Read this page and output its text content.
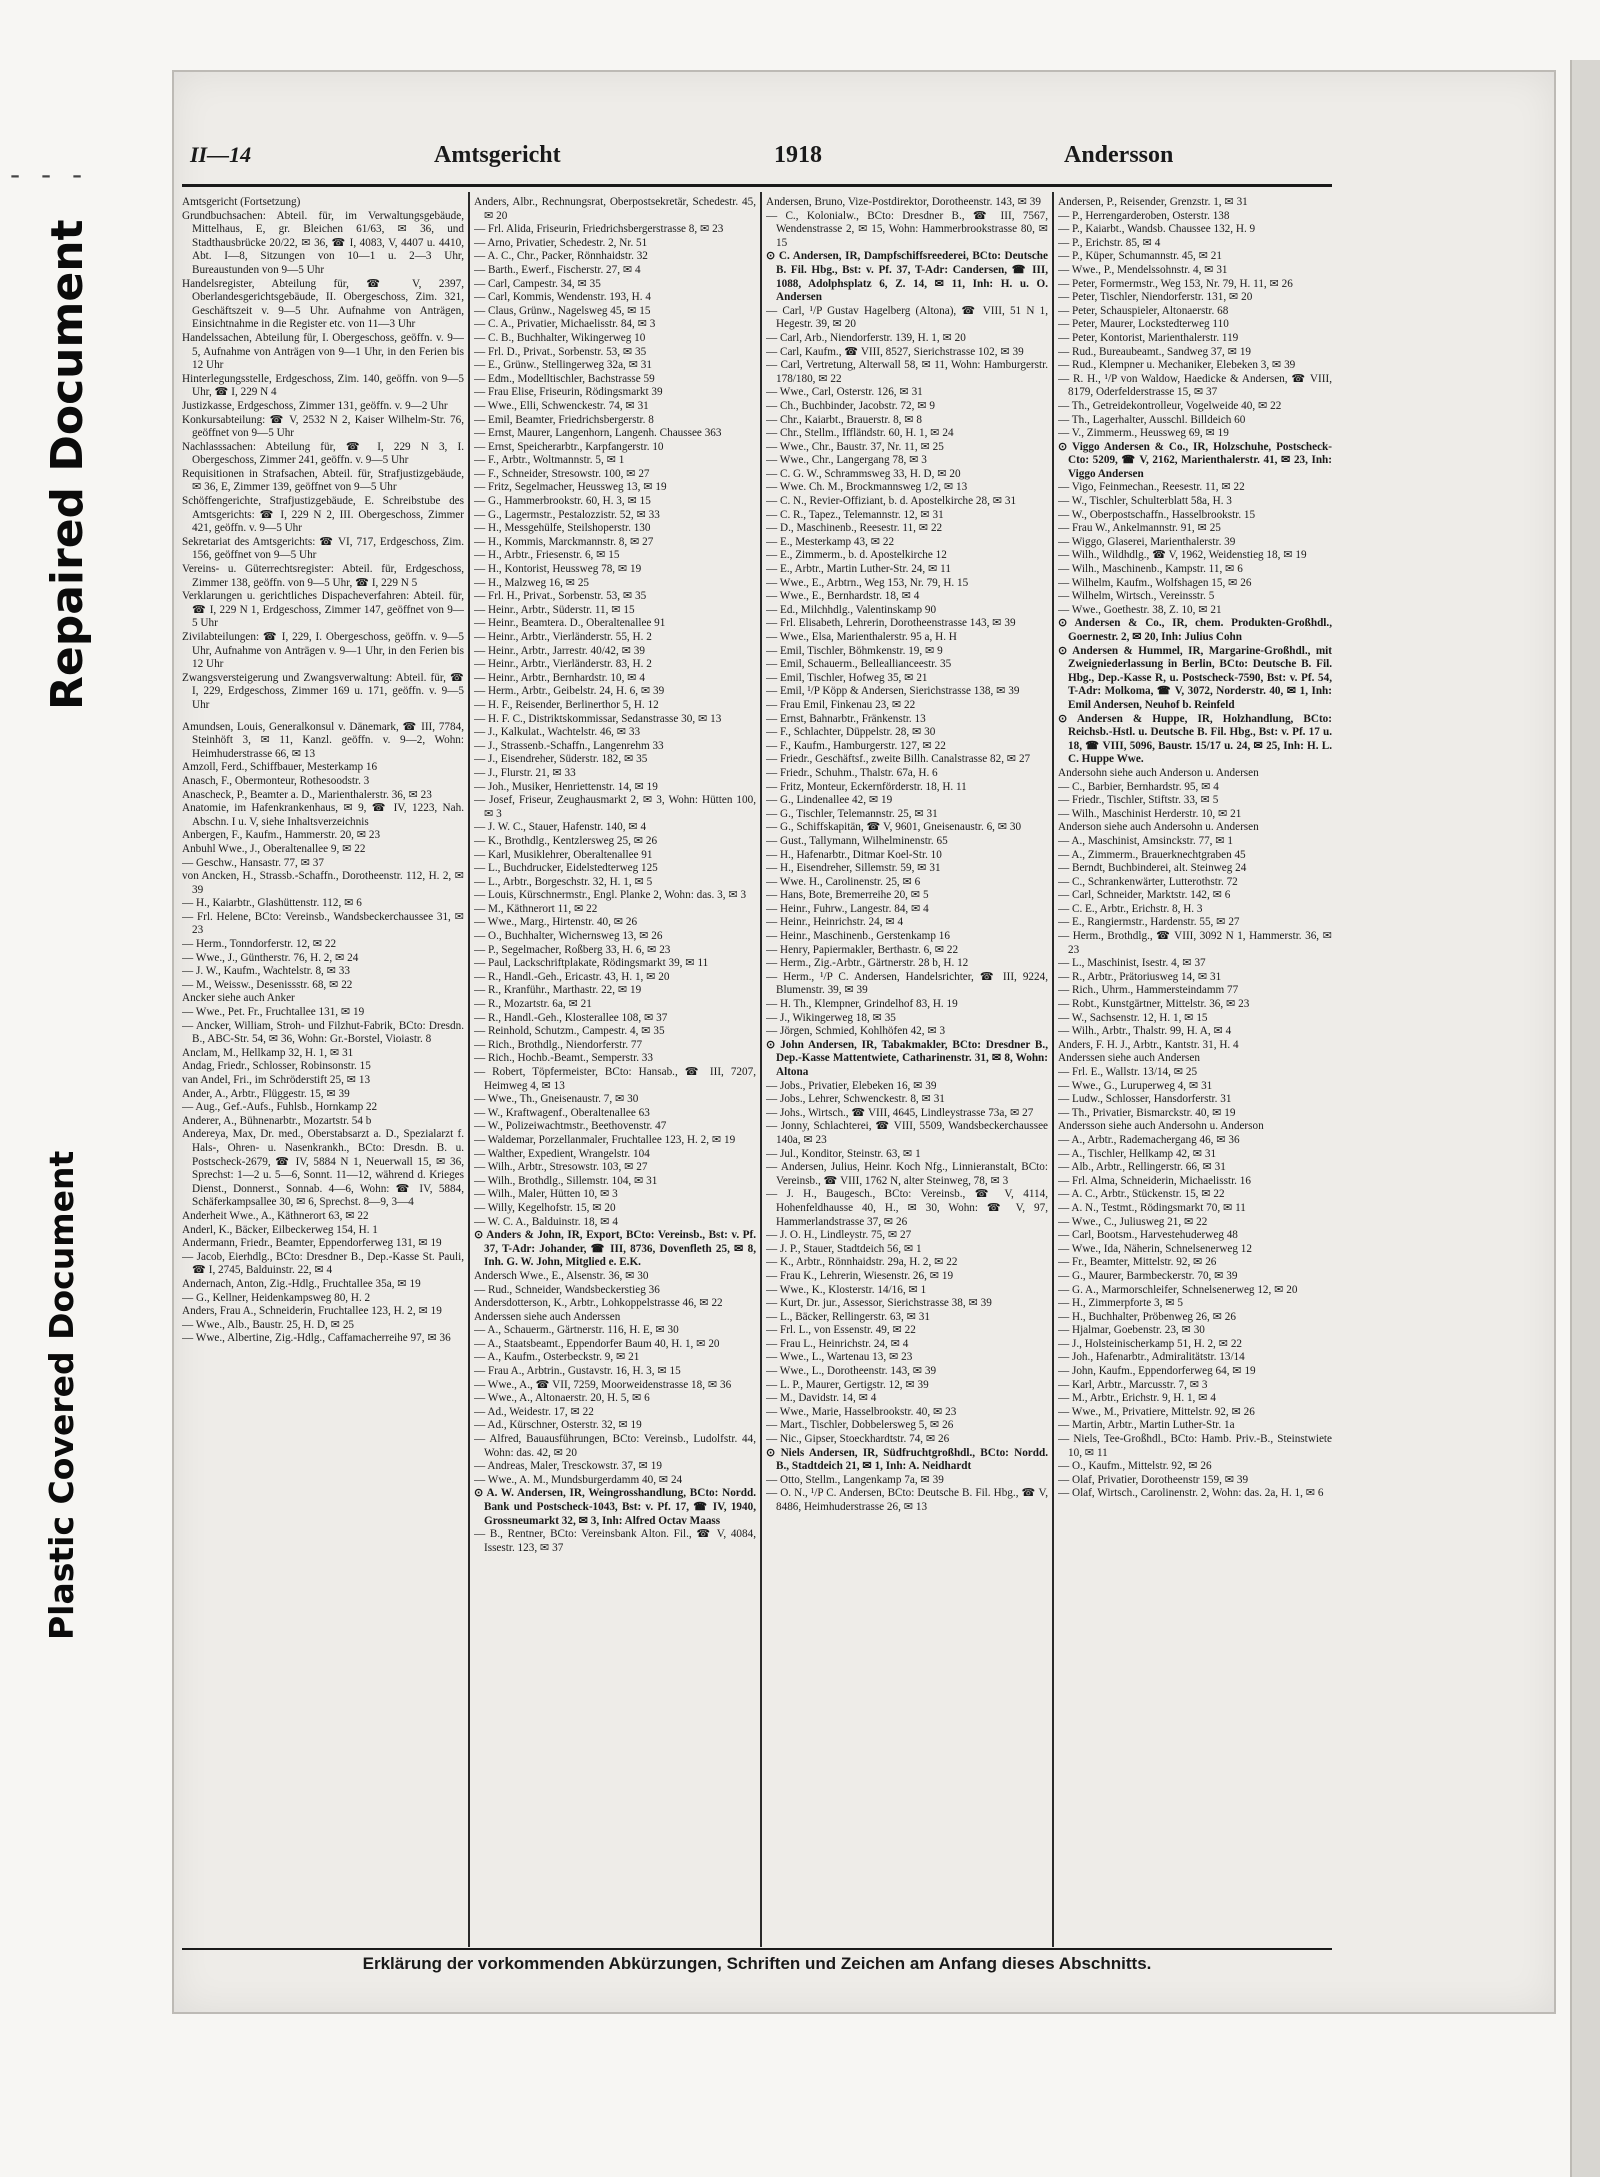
- - -
Repaired Document
Plastic Covered Document
II—14	Amtsgericht	1918	Andersson

Amtsgericht (Fortsetzung)

Grundbuchsachen: Abteil. für, im Verwaltungsgebäude, Mittelhaus, E, gr. Bleichen 61/63, ✉ 36, und Stadthausbrücke 20/22, ✉ 36, ☎ I, 4083, V, 4407 u. 4410, Abt. I—8, Sitzungen von 10—1 u. 2—3 Uhr, Bureaustunden von 9—5 Uhr

Handelsregister, Abteilung für, ☎ V, 2397, Oberlandesgerichtsgebäude, II. Obergeschoss, Zim. 321, Geschäftszeit v. 9—5 Uhr. Aufnahme von Anträgen, Einsichtnahme in die Register etc. von 11—3 Uhr

Handelssachen, Abteilung für, I. Obergeschoss, geöffn. v. 9—5, Aufnahme von Anträgen von 9—1 Uhr, in den Ferien bis 12 Uhr

Hinterlegungsstelle, Erdgeschoss, Zim. 140, geöffn. von 9—5 Uhr, ☎ I, 229 N 4

Justizkasse, Erdgeschoss, Zimmer 131, geöffn. v. 9—2 Uhr

Konkursabteilung: ☎ V, 2532 N 2, Kaiser Wilhelm-Str. 76, geöffnet von 9—5 Uhr

Nachlasssachen: Abteilung für, ☎ I, 229 N 3, I. Obergeschoss, Zimmer 241, geöffn. v. 9—5 Uhr

Requisitionen in Strafsachen, Abteil. für, Strafjustizgebäude, ✉ 36, E, Zimmer 139, geöffnet von 9—5 Uhr

Schöffengerichte, Strafjustizgebäude, E. Schreibstube des Amtsgerichts: ☎ I, 229 N 2, III. Obergeschoss, Zimmer 421, geöffn. v. 9—5 Uhr

Sekretariat des Amtsgerichts: ☎ VI, 717, Erdgeschoss, Zim. 156, geöffnet von 9—5 Uhr

Vereins- u. Güterrechtsregister: Abteil. für, Erdgeschoss, Zimmer 138, geöffn. von 9—5 Uhr, ☎ I, 229 N 5

Verklarungen u. gerichtliches Dispacheverfahren: Abteil. für, ☎ I, 229 N 1, Erdgeschoss, Zimmer 147, geöffnet von 9—5 Uhr

Zivilabteilungen: ☎ I, 229, I. Obergeschoss, geöffn. v. 9—5 Uhr, Aufnahme von Anträgen v. 9—1 Uhr, in den Ferien bis 12 Uhr

Zwangsversteigerung und Zwangsverwaltung: Abteil. für, ☎ I, 229, Erdgeschoss, Zimmer 169 u. 171, geöffn. v. 9—5 Uhr

Amundsen, Louis, Generalkonsul v. Dänemark, ☎ III, 7784, Steinhöft 3, ✉ 11, Kanzl. geöffn. v. 9—2, Wohn: Heimhuderstrasse 66, ✉ 13

Amzoll, Ferd., Schiffbauer, Mesterkamp 16

Anasch, F., Obermonteur, Rothesoodstr. 3

Anascheck, P., Beamter a. D., Marienthalerstr. 36, ✉ 23

Anatomie, im Hafenkrankenhaus, ✉ 9, ☎ IV, 1223, Nah. Abschn. I u. V, siehe Inhaltsverzeichnis

Anbergen, F., Kaufm., Hammerstr. 20, ✉ 23

Anbuhl Wwe., J., Oberaltenallee 9, ✉ 22

— Geschw., Hansastr. 77, ✉ 37

von Ancken, H., Strassb.-Schaffn., Dorotheenstr. 112, H. 2, ✉ 39

— H., Kaiarbtr., Glashüttenstr. 112, ✉ 6

— Frl. Helene, BCto: Vereinsb., Wandsbeckerchaussee 31, ✉ 23

— Herm., Tonndorferstr. 12, ✉ 22

— Wwe., J., Güntherstr. 76, H. 2, ✉ 24

— J. W., Kaufm., Wachtelstr. 8, ✉ 33

— M., Weissw., Desenissstr. 68, ✉ 22

Ancker siehe auch Anker

— Wwe., Pet. Fr., Fruchtallee 131, ✉ 19

— Ancker, William, Stroh- und Filzhut-Fabrik, BCto: Dresdn. B., ABC-Str. 54, ✉ 36, Wohn: Gr.-Borstel, Vioiastr. 8

Anclam, M., Hellkamp 32, H. 1, ✉ 31

Andag, Friedr., Schlosser, Robinsonstr. 15

van Andel, Fri., im Schröderstift 25, ✉ 13

Ander, A., Arbtr., Flüggestr. 15, ✉ 39

— Aug., Gef.-Aufs., Fuhlsb., Hornkamp 22

Anderer, A., Bühnenarbtr., Mozartstr. 54 b

Andereya, Max, Dr. med., Oberstabsarzt a. D., Spezialarzt f. Hals-, Ohren- u. Nasenkrankh., BCto: Dresdn. B. u. Postscheck-2679, ☎ IV, 5884 N 1, Neuerwall 15, ✉ 36, Sprechst: 1—2 u. 5—6, Sonnt. 11—12, während d. Krieges Dienst., Donnerst., Sonnab. 4—6, Wohn: ☎ IV, 5884, Schäferkampsallee 30, ✉ 6, Sprechst. 8—9, 3—4

Anderheit Wwe., A., Käthnerort 63, ✉ 22

Anderl, K., Bäcker, Eilbeckerweg 154, H. 1

Andermann, Friedr., Beamter, Eppendorferweg 131, ✉ 19

— Jacob, Eierhdlg., BCto: Dresdner B., Dep.-Kasse St. Pauli, ☎ I, 2745, Balduinstr. 22, ✉ 4

Andernach, Anton, Zig.-Hdlg., Fruchtallee 35a, ✉ 19

— G., Kellner, Heidenkampsweg 80, H. 2

Anders, Frau A., Schneiderin, Fruchtallee 123, H. 2, ✉ 19

— Wwe., Alb., Baustr. 25, H. D, ✉ 25

— Wwe., Albertine, Zig.-Hdlg., Caffamacherreihe 97, ✉ 36

Anders, Albr., Rechnungsrat, Oberpostsekretär, Schedestr. 45, ✉ 20

— Frl. Alida, Friseurin, Friedrichsbergerstrasse 8, ✉ 23

— Arno, Privatier, Schedestr. 2, Nr. 51

— A. C., Chr., Packer, Rönnhaidstr. 32

— Barth., Ewerf., Fischerstr. 27, ✉ 4

— Carl, Campestr. 34, ✉ 35

— Carl, Kommis, Wendenstr. 193, H. 4

— Claus, Grünw., Nagelsweg 45, ✉ 15

— C. A., Privatier, Michaelisstr. 84, ✉ 3

— C. B., Buchhalter, Wikingerweg 10

— Frl. D., Privat., Sorbenstr. 53, ✉ 35

— E., Grünw., Stellingerweg 32a, ✉ 31

— Edm., Modelltischler, Bachstrasse 59

— Frau Elise, Friseurin, Rödingsmarkt 39

— Wwe., Elli, Schwenckestr. 74, ✉ 31

— Emil, Beamter, Friedrichsbergerstr. 8

— Ernst, Maurer, Langenhorn, Langenh. Chaussee 363

— Ernst, Speicherarbtr., Karpfangerstr. 10

— F., Arbtr., Woltmannstr. 5, ✉ 1

— F., Schneider, Stresowstr. 100, ✉ 27

— Fritz, Segelmacher, Heussweg 13, ✉ 19

— G., Hammerbrookstr. 60, H. 3, ✉ 15

— G., Lagermstr., Pestalozzistr. 52, ✉ 33

— H., Messgehülfe, Steilshoperstr. 130

— H., Kommis, Marckmannstr. 8, ✉ 27

— H., Arbtr., Friesenstr. 6, ✉ 15

— H., Kontorist, Heussweg 78, ✉ 19

— H., Malzweg 16, ✉ 25

— Frl. H., Privat., Sorbenstr. 53, ✉ 35

— Heinr., Arbtr., Süderstr. 11, ✉ 15

— Heinr., Beamtera. D., Oberaltenallee 91

— Heinr., Arbtr., Vierländerstr. 55, H. 2

— Heinr., Arbtr., Jarrestr. 40/42, ✉ 39

— Heinr., Arbtr., Vierländerstr. 83, H. 2

— Heinr., Arbtr., Bernhardstr. 10, ✉ 4

— Herm., Arbtr., Geibelstr. 24, H. 6, ✉ 39

— H. F., Reisender, Berlinerthor 5, H. 12

— H. F. C., Distriktskommissar, Sedanstrasse 30, ✉ 13

— J., Kalkulat., Wachtelstr. 46, ✉ 33

— J., Strassenb.-Schaffn., Langenrehm 33

— J., Eisendreher, Süderstr. 182, ✉ 35

— J., Flurstr. 21, ✉ 33

— Joh., Musiker, Henriettenstr. 14, ✉ 19

— Josef, Friseur, Zeughausmarkt 2, ✉ 3, Wohn: Hütten 100, ✉ 3

— J. W. C., Stauer, Hafenstr. 140, ✉ 4

— K., Brothdlg., Kentzlersweg 25, ✉ 26

— Karl, Musiklehrer, Oberaltenallee 91

— L., Buchdrucker, Eidelstedterweg 125

— L., Arbtr., Borgeschstr. 32, H. 1, ✉ 5

— Louis, Kürschnermstr., Engl. Planke 2, Wohn: das. 3, ✉ 3

— M., Käthnerort 11, ✉ 22

— Wwe., Marg., Hirtenstr. 40, ✉ 26

— O., Buchhalter, Wichernsweg 13, ✉ 26

— P., Segelmacher, Roßberg 33, H. 6, ✉ 23

— Paul, Lackschriftplakate, Rödingsmarkt 39, ✉ 11

— R., Handl.-Geh., Ericastr. 43, H. 1, ✉ 20

— R., Kranführ., Marthastr. 22, ✉ 19

— R., Mozartstr. 6a, ✉ 21

— R., Handl.-Geh., Klosterallee 108, ✉ 37

— Reinhold, Schutzm., Campestr. 4, ✉ 35

— Rich., Brothdlg., Niendorferstr. 77

— Rich., Hochb.-Beamt., Semperstr. 33

— Robert, Töpfermeister, BCto: Hansab., ☎ III, 7207, Heimweg 4, ✉ 13

— Wwe., Th., Gneisenaustr. 7, ✉ 30

— W., Kraftwagenf., Oberaltenallee 63

— W., Polizeiwachtmstr., Beethovenstr. 47

— Waldemar, Porzellanmaler, Fruchtallee 123, H. 2, ✉ 19

— Walther, Expedient, Wrangelstr. 104

— Wilh., Arbtr., Stresowstr. 103, ✉ 27

— Wilh., Brothdlg., Sillemstr. 104, ✉ 31

— Wilh., Maler, Hütten 10, ✉ 3

— Willy, Kegelhofstr. 15, ✉ 20

— W. C. A., Balduinstr. 18, ✉ 4

⊙ Anders & John, IR, Export, BCto: Vereinsb., Bst: v. Pf. 37, T-Adr: Johander, ☎ III, 8736, Dovenfleth 25, ✉ 8, Inh. G. W. John, Mitglied e. E.K.

Andersch Wwe., E., Alsenstr. 36, ✉ 30

— Rud., Schneider, Wandsbeckerstieg 36

Andersdotterson, K., Arbtr., Lohkoppelstrasse 46, ✉ 22

Anderssen siehe auch Anderssen

— A., Schauerm., Gärtnerstr. 116, H. E, ✉ 30

— A., Staatsbeamt., Eppendorfer Baum 40, H. 1, ✉ 20

— A., Kaufm., Osterbeckstr. 9, ✉ 21

— Frau A., Arbtrin., Gustavstr. 16, H. 3, ✉ 15

— Wwe., A., ☎ VII, 7259, Moorweidenstrasse 18, ✉ 36

— Wwe., A., Altonaerstr. 20, H. 5, ✉ 6

— Ad., Weidestr. 17, ✉ 22

— Ad., Kürschner, Osterstr. 32, ✉ 19

— Alfred, Bauausführungen, BCto: Vereinsb., Ludolfstr. 44, Wohn: das. 42, ✉ 20

— Andreas, Maler, Tresckowstr. 37, ✉ 19

— Wwe., A. M., Mundsburgerdamm 40, ✉ 24

⊙ A. W. Andersen, IR, Weingrosshandlung, BCto: Nordd. Bank und Postscheck-1043, Bst: v. Pf. 17, ☎ IV, 1940, Grossneumarkt 32, ✉ 3, Inh: Alfred Octav Maass

— B., Rentner, BCto: Vereinsbank Alton. Fil., ☎ V, 4084, Issestr. 123, ✉ 37

Andersen, Bruno, Vize-Postdirektor, Dorotheenstr. 143, ✉ 39

— C., Kolonialw., BCto: Dresdner B., ☎ III, 7567, Wendenstrasse 2, ✉ 15, Wohn: Hammerbrookstrasse 80, ✉ 15

⊙ C. Andersen, IR, Dampfschiffsreederei, BCto: Deutsche B. Fil. Hbg., Bst: v. Pf. 37, T-Adr: Candersen, ☎ III, 1088, Adolphsplatz 6, Z. 14, ✉ 11, Inh: H. u. O. Andersen

— Carl, ¹/P Gustav Hagelberg (Altona), ☎ VIII, 51 N 1, Hegestr. 39, ✉ 20

— Carl, Arb., Niendorferstr. 139, H. 1, ✉ 20

— Carl, Kaufm., ☎ VIII, 8527, Sierichstrasse 102, ✉ 39

— Carl, Vertretung, Alterwall 58, ✉ 11, Wohn: Hamburgerstr. 178/180, ✉ 22

— Wwe., Carl, Osterstr. 126, ✉ 31

— Ch., Buchbinder, Jacobstr. 72, ✉ 9

— Chr., Kaiarbt., Brauerstr. 8, ✉ 8

— Chr., Stellm., Iffländstr. 60, H. 1, ✉ 24

— Wwe., Chr., Baustr. 37, Nr. 11, ✉ 25

— Wwe., Chr., Langergang 78, ✉ 3

— C. G. W., Schrammsweg 33, H. D, ✉ 20

— Wwe. Ch. M., Brockmannsweg 1/2, ✉ 13

— C. N., Revier-Offiziant, b. d. Apostelkirche 28, ✉ 31

— C. R., Tapez., Telemannstr. 12, ✉ 31

— D., Maschinenb., Reesestr. 11, ✉ 22

— E., Mesterkamp 43, ✉ 22

— E., Zimmerm., b. d. Apostelkirche 12

— E., Arbtr., Martin Luther-Str. 24, ✉ 11

— Wwe., E., Arbtrn., Weg 153, Nr. 79, H. 15

— Wwe., E., Bernhardstr. 18, ✉ 4

— Ed., Milchhdlg., Valentinskamp 90

— Frl. Elisabeth, Lehrerin, Dorotheenstrasse 143, ✉ 39

— Wwe., Elsa, Marienthalerstr. 95 a, H. H

— Emil, Tischler, Böhmkenstr. 19, ✉ 9

— Emil, Schauerm., Belleallianceestr. 35

— Emil, Tischler, Hofweg 35, ✉ 21

— Emil, ¹/P Köpp & Andersen, Sierichstrasse 138, ✉ 39

— Frau Emil, Finkenau 23, ✉ 22

— Ernst, Bahnarbtr., Fränkenstr. 13

— F., Schlachter, Düppelstr. 28, ✉ 30

— F., Kaufm., Hamburgerstr. 127, ✉ 22

— Friedr., Geschäftsf., zweite Billh. Canalstrasse 82, ✉ 27

— Friedr., Schuhm., Thalstr. 67a, H. 6

— Fritz, Monteur, Eckernförderstr. 18, H. 11

— G., Lindenallee 42, ✉ 19

— G., Tischler, Telemannstr. 25, ✉ 31

— G., Schiffskapitän, ☎ V, 9601, Gneisenaustr. 6, ✉ 30

— Gust., Tallymann, Wilhelminenstr. 65

— H., Hafenarbtr., Ditmar Koel-Str. 10

— H., Eisendreher, Sillemstr. 59, ✉ 31

— Wwe. H., Carolinenstr. 25, ✉ 6

— Hans, Bote, Bremerreihe 20, ✉ 5

— Heinr., Fuhrw., Langestr. 84, ✉ 4

— Heinr., Heinrichstr. 24, ✉ 4

— Heinr., Maschinenb., Gerstenkamp 16

— Henry, Papiermakler, Berthastr. 6, ✉ 22

— Herm., Zig.-Arbtr., Gärtnerstr. 28 b, H. 12

— Herm., ¹/P C. Andersen, Handelsrichter, ☎ III, 9224, Blumenstr. 39, ✉ 39

— H. Th., Klempner, Grindelhof 83, H. 19

— J., Wikingerweg 18, ✉ 35

— Jörgen, Schmied, Kohlhöfen 42, ✉ 3

⊙ John Andersen, IR, Tabakmakler, BCto: Dresdner B., Dep.-Kasse Mattentwiete, Catharinenstr. 31, ✉ 8, Wohn: Altona

— Jobs., Privatier, Elebeken 16, ✉ 39

— Jobs., Lehrer, Schwenckestr. 8, ✉ 31

— Johs., Wirtsch., ☎ VIII, 4645, Lindleystrasse 73a, ✉ 27

— Jonny, Schlachterei, ☎ VIII, 5509, Wandsbeckerchaussee 140a, ✉ 23

— Jul., Konditor, Steinstr. 63, ✉ 1

— Andersen, Julius, Heinr. Koch Nfg., Linnieranstalt, BCto: Vereinsb., ☎ VIII, 1762 N, alter Steinweg, 78, ✉ 3

— J. H., Baugesch., BCto: Vereinsb., ☎ V, 4114, Hohenfeldhausse 40, H., ✉ 30, Wohn: ☎ V, 97, Hammerlandstrasse 37, ✉ 26

— J. O. H., Lindleystr. 75, ✉ 27

— J. P., Stauer, Stadtdeich 56, ✉ 1

— K., Arbtr., Rönnhaidstr. 29a, H. 2, ✉ 22

— Frau K., Lehrerin, Wiesenstr. 26, ✉ 19

— Wwe., K., Klosterstr. 14/16, ✉ 1

— Kurt, Dr. jur., Assessor, Sierichstrasse 38, ✉ 39

— L., Bäcker, Rellingerstr. 63, ✉ 31

— Frl. L., von Essenstr. 49, ✉ 22

— Frau L., Heinrichstr. 24, ✉ 4

— Wwe., L., Wartenau 13, ✉ 23

— Wwe., L., Dorotheenstr. 143, ✉ 39

— L. P., Maurer, Gertigstr. 12, ✉ 39

— M., Davidstr. 14, ✉ 4

— Wwe., Marie, Hasselbrookstr. 40, ✉ 23

— Mart., Tischler, Dobbelersweg 5, ✉ 26

— Nic., Gipser, Stoeckhardtstr. 74, ✉ 26

⊙ Niels Andersen, IR, Südfruchtgroßhdl., BCto: Nordd. B., Stadtdeich 21, ✉ 1, Inh: A. Neidhardt

— Otto, Stellm., Langenkamp 7a, ✉ 39

— O. N., ¹/P C. Andersen, BCto: Deutsche B. Fil. Hbg., ☎ V, 8486, Heimhuderstrasse 26, ✉ 13

Andersen, P., Reisender, Grenzstr. 1, ✉ 31

— P., Herrengarderoben, Osterstr. 138

— P., Kaiarbt., Wandsb. Chaussee 132, H. 9

— P., Erichstr. 85, ✉ 4

— P., Küper, Schumannstr. 45, ✉ 21

— Wwe., P., Mendelssohnstr. 4, ✉ 31

— Peter, Formermstr., Weg 153, Nr. 79, H. 11, ✉ 26

— Peter, Tischler, Niendorferstr. 131, ✉ 20

— Peter, Schauspieler, Altonaerstr. 68

— Peter, Maurer, Lockstedterweg 110

— Peter, Kontorist, Marienthalerstr. 119

— Rud., Bureaubeamt., Sandweg 37, ✉ 19

— Rud., Klempner u. Mechaniker, Elebeken 3, ✉ 39

— R. H., ¹/P von Waldow, Haedicke & Andersen, ☎ VIII, 8179, Oderfelderstrasse 15, ✉ 37

— Th., Getreidekontrolleur, Vogelweide 40, ✉ 22

— Th., Lagerhalter, Ausschl. Billdeich 60

— V., Zimmerm., Heussweg 69, ✉ 19

⊙ Viggo Andersen & Co., IR, Holzschuhe, Postscheck-Cto: 5209, ☎ V, 2162, Marienthalerstr. 41, ✉ 23, Inh: Viggo Andersen

— Vigo, Feinmechan., Reesestr. 11, ✉ 22

— W., Tischler, Schulterblatt 58a, H. 3

— W., Oberpostschaffn., Hasselbrookstr. 15

— Frau W., Ankelmannstr. 91, ✉ 25

— Wiggo, Glaserei, Marienthalerstr. 39

— Wilh., Wildhdlg., ☎ V, 1962, Weidenstieg 18, ✉ 19

— Wilh., Maschinenb., Kampstr. 11, ✉ 6

— Wilhelm, Kaufm., Wolfshagen 15, ✉ 26

— Wilhelm, Wirtsch., Vereinsstr. 5

— Wwe., Goethestr. 38, Z. 10, ✉ 21

⊙ Andersen & Co., IR, chem. Produkten-Großhdl., Goernestr. 2, ✉ 20, Inh: Julius Cohn

⊙ Andersen & Hummel, IR, Margarine-Großhdl., mit Zweigniederlassung in Berlin, BCto: Deutsche B. Fil. Hbg., Dep.-Kasse R, u. Postscheck-7590, Bst: v. Pf. 54, T-Adr: Molkoma, ☎ V, 3072, Norderstr. 40, ✉ 1, Inh: Emil Andersen, Neuhof b. Reinfeld

⊙ Andersen & Huppe, IR, Holzhandlung, BCto: Reichsb.-Hstl. u. Deutsche B. Fil. Hbg., Bst: v. Pf. 17 u. 18, ☎ VIII, 5096, Baustr. 15/17 u. 24, ✉ 25, Inh: H. L. C. Huppe Wwe.

Andersohn siehe auch Anderson u. Andersen

— C., Barbier, Bernhardstr. 95, ✉ 4

— Friedr., Tischler, Stiftstr. 33, ✉ 5

— Wilh., Maschinist Herderstr. 10, ✉ 21

Anderson siehe auch Andersohn u. Andersen

— A., Maschinist, Amsinckstr. 77, ✉ 1

— A., Zimmerm., Brauerknechtgraben 45

— Berndt, Buchbinderei, alt. Steinweg 24

— C., Schrankenwärter, Lutterothstr. 72

— Carl, Schneider, Marktstr. 142, ✉ 6

— C. E., Arbtr., Erichstr. 8, H. 3

— E., Rangiermstr., Hardenstr. 55, ✉ 27

— Herm., Brothdlg., ☎ VIII, 3092 N 1, Hammerstr. 36, ✉ 23

— L., Maschinist, Isestr. 4, ✉ 37

— R., Arbtr., Prätoriusweg 14, ✉ 31

— Rich., Uhrm., Hammersteindamm 77

— Robt., Kunstgärtner, Mittelstr. 36, ✉ 23

— W., Sachsenstr. 12, H. 1, ✉ 15

— Wilh., Arbtr., Thalstr. 99, H. A, ✉ 4

Anders, F. H. J., Arbtr., Kantstr. 31, H. 4

Anderssen siehe auch Andersen

— Frl. E., Wallstr. 13/14, ✉ 25

— Wwe., G., Luruperweg 4, ✉ 31

— Ludw., Schlosser, Hansdorferstr. 31

— Th., Privatier, Bismarckstr. 40, ✉ 19

Andersson siehe auch Andersohn u. Anderson

— A., Arbtr., Rademachergang 46, ✉ 36

— A., Tischler, Hellkamp 42, ✉ 31

— Alb., Arbtr., Rellingerstr. 66, ✉ 31

— Frl. Alma, Schneiderin, Michaelisstr. 16

— A. C., Arbtr., Stückenstr. 15, ✉ 22

— A. N., Testmt., Rödingsmarkt 70, ✉ 11

— Wwe., C., Juliusweg 21, ✉ 22

— Carl, Bootsm., Harvestehuderweg 48

— Wwe., Ida, Näherin, Schnelsenerweg 12

— Fr., Beamter, Mittelstr. 92, ✉ 26

— G., Maurer, Barmbeckerstr. 70, ✉ 39

— G. A., Marmorschleifer, Schnelsenerweg 12, ✉ 20

— H., Zimmerpforte 3, ✉ 5

— H., Buchhalter, Pröbenweg 26, ✉ 26

— Hjalmar, Goebenstr. 23, ✉ 30

— J., Holsteinischerkamp 51, H. 2, ✉ 22

— Joh., Hafenarbtr., Admiralitätstr. 13/14

— John, Kaufm., Eppendorferweg 64, ✉ 19

— Karl, Arbtr., Marcusstr. 7, ✉ 3

— M., Arbtr., Erichstr. 9, H. 1, ✉ 4

— Wwe., M., Privatiere, Mittelstr. 92, ✉ 26

— Martin, Arbtr., Martin Luther-Str. 1a

— Niels, Tee-Großhdl., BCto: Hamb. Priv.-B., Steinstwiete 10, ✉ 11

— O., Kaufm., Mittelstr. 92, ✉ 26

— Olaf, Privatier, Dorotheenstr 159, ✉ 39

— Olaf, Wirtsch., Carolinenstr. 2, Wohn: das. 2a, H. 1, ✉ 6

Erklärung der vorkommenden Abkürzungen, Schriften und Zeichen am Anfang dieses Abschnitts.
